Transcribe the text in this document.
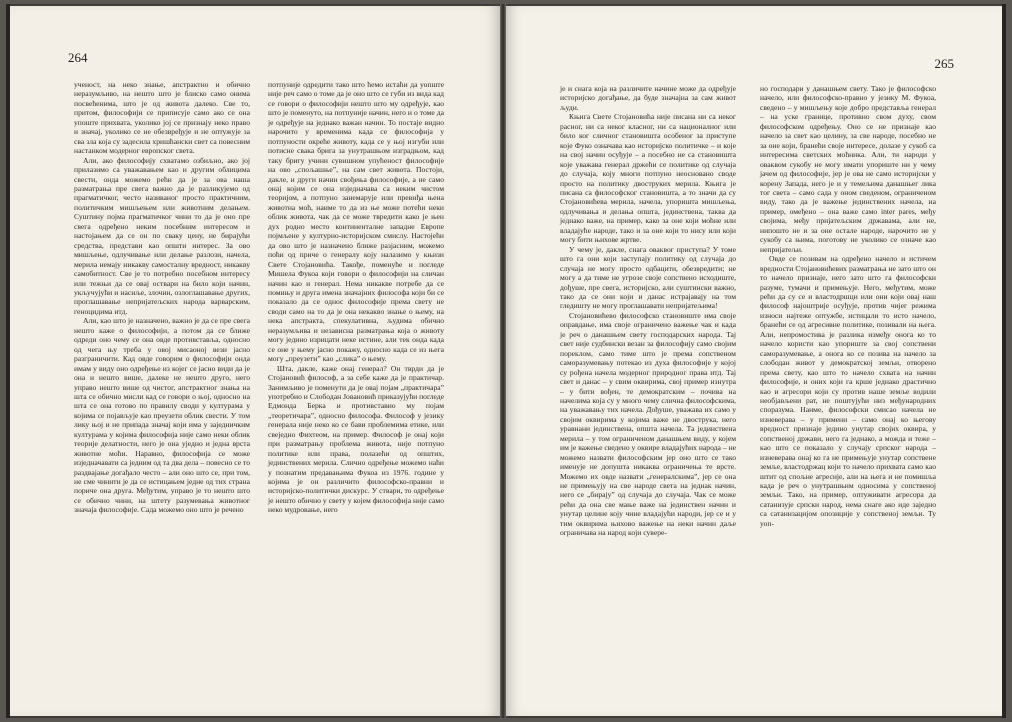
264

ученост, на неко знање, апстрактно и обично неразумљиво, на нешто што је блиско само онима посвећенима, што је од живота далеко. Све то, притом, философији се приписује само ако се она упоште прихвата, уколико јој се признају неко право и значај, уколико се не обезвређује и не оптужује за сва зла која су задесила хришћански свет са повесним настанком модерног европског света.

Али, ако философију схватамо озбиљно, ако јој прилазимо са уважавањем као и другим облицима свести, онда можемо рећи да је за ова наша разматрања пре свега важно да је разликујемо од прагматичког, честo називаног просто практичним, политичким мишљењем или животним делањем. Суштину појма прагматичког чини то да је оно пре свега одређено неким посебним интересом и настојањем да се он по сваку цену, не бирајући средства, представи као општи интерес. За ово мишљење, одлучивање или делање разлози, начела, мерила немају никакву самосталну вредност, никакву самобитност. Све је то потребно посебном интересу или тежњи да се оваj оствари на било који начин, укључујући и насиље, злочин, озлоглашавање других, проглашавање непријатељских народа варварским, геноцидима итд.

Али, као што је назначено, важно је да се пре свега нешто каже о философији, а потом да се ближе одреди оно чему се она овде противставља, односно од чега њу треба у овој мисаоној вези јасно разграничити. Кад овде говорим о философији онда имам у виду оно одређење из којег се јасно види да је она и нешто више, далеке не нешто друго, него управо нешто више од чистог, апстрактног знања на шта се обично мисли кад се говори о њој, односно на шта се она готово по правилу своди у културама у којима се појављује као преузети облик свести. У том лику њој и не припада значај који има у заједничким културама у којима философија није само неки облик теорије делатности, него је она уједно и једна врста животне моћи. Наравно, философија се може изједначавати са једним од та два дела – повесно се то раздвајање догађало често – али оно што се, при том, не сме чинити је да се истицањем једне од тих страна пориче она друга. Међутим, управо је то нешто што се обично чини, на штету разумевања животног значаја философије. Сада можемо оно што је речено

потпуније одредити тако што ћемо истаћи да уопште није реч само о томе да је оно што се губи из вида кад се говори о философији нешто што му одређује, као што је поменуто, на потпуније начин, него и о томе да је одређује на једнако важан начин. То постаје видно нарочито у временима када се философија у потпуности окреће животу, када се у њој изгуби или потисне свака брига за унутрашњом изградњом, кад таку бригу учини сувишном упућеност философије на ово „спољашње”, на сам свет живота. Постоји, дакле, и други начин свођења философије, а не само онај којим се она изједначава са неким чистом теоријом, а потпуно занемарује или превиђа њена животна моћ, наиме то да из ње може потећи неки облик живота, чак да се може твредити како је њен дух родно место континенталне западне Европе појмљене у културно-историјском смислу. Настојећи да ово што је назначено ближе разјасним, можемо поћи од приче о генералу коју налазимо у књизи Свете Стојановића. Такође, поменуће и погледе Мишела Фукоа који говори о философији на сличан начин као и генерал. Нема никакве потребе да се помињу и друга имена значајних философа који би се показало да се однос философије према свету не своди само на то да је она некакво знање о њему, на нека апстракта, спекулативна, људима обично неразумљива и независна разматрања која о животу могу једино изрицати неке истине, али тек онда када се оне у њему јасно покажу, односно када се из њега могу „преузети” као „слика” о њему.

Шта, дакле, каже онај генерал? Он тврди да је Стојановић философ, а за себе каже да је практичар. Занимљиво је поменути да је овај појам „практичара” употребио и Слободан Јовановић приказујући погледе Едмонда Берка и противставио му појам „теоретичара”, односно философа. Философ у језику генерала није неко ко се бави проблемима етике, или свеједно Фихтеом, на пример. Философ је онај који при разматрању проблема живота, није потпуно политике или права, полазећи од општих, јединствених мерила. Слично одређење можемо наћи у познатим предавањима Фукоа из 1976. године у којима је он различито философско-правни и историјско-политички дискурс. У ствари, то одређење је нешто обично у свету у којем философија није само неко мудровање, него

265

је и снага која на различите начине може да одређује историјско догађање, да буде значајна за сам живот људи.

Књига Свете Стојановића није писана ни са неког расног, ни са неког класног, ни са националног или било ког сличног становишта особеног за приступе које Фуко означава као историјско политичке – и које на свој начин осуђује – а посебно не са становишта које уважава генерал држећи се политике од случаја до случаја, коју многи потпуно неосновано своде просто на политику двоструких мерила. Књига је писана са философског становишта, а то значи да су Стојановићева мерила, начела, упоришта мишљења, одлучивања и делања општа, јединствена, таква да једнако важе, на пример, како за оне који моћне или владајуће народе, тако и за оне који то нису или који могу бити њихове жртве.

У чему је, дакле, снага оваквог приступа? У томе што га они који заступају политику од случаја до случаја не могу просто одбацити, обезвредити; не могу а да тиме не угрозе своје сопствено исходиште, дођуше, пре свега, историјско, али суштински важно, тако да се они који и данас истрајавају на том гледишту не могу проглашавати непријатељима!

Стојановићево философско становиште има своје оправдање, има своје ограничено важење чак и када је реч о данашњем свету господарских народа. Тај свет није судбински везан за философију само својим пореклом, само тиме што је према сопственом саморазумевању потекао из духа философије у којој су рођена начела модерног природног права итд. Тај свет и данас – у свим оквирима, свој пример изнутра – у бити вођен, те демократским – почива на начелима која су у много чему слична философскима, на уважавању тих начела. Дођуше, уважава их само у својим оквирима у којима важе не двострука, него уравнани јединствена, општа начела. Та јединствена мерила – у том ограниченом данашњем виду, у којем им је важење сведено у оквире владајућих народа – не можемо назвати философским јер оно што се тако именује не допушта никаква ограничења те врсте. Можемо их овде назвати „генералскима”, јер се она не примењују на све народе света на једнак начин, него се „бирају” од случаја до случаја. Чак се може рећи да она све мање важе на јединствен начин и унутар целине коју чине владајући народи, јер се и у тим оквирима њихово важење на неки начин даље ограничава на народ који суверe-

но господари у данашњем свету. Тако је философско начело, или философско-правно у језику М. Фукоа, сведено – у мишљењу које добро представља генерал – на уске границе, противно свом духу, свом философском одређењу. Оно се не признаје као начело за свет као целину, за све народе, посебно не за оне који, бранећи своје интересе, долазе у сукоб са интересима светских моћника. Али, ти народи у оваквом сукобу не могу имати упориште ни у чему јачем од философије, јер је ова не само историјски у корену Запада, него је и у темељима данашњег лика тог света – само сада у оном сведеном, ограниченом виду, тако да је важење јединствених начела, на пример, омеђено – она важе само inter pares, међу својима, међу пријатељским државама, али не, нипошто не и за оне остале народе, нарочито не у сукобу са њима, поготову не уколико се означе као непријатељи.

Овде се позивам на одређено начело и истичем вредности Стојановићевих разматрања не зато што он то начело признаје, него зато што га философски разуме, тумачи и примењује. Него, међутим, може рећи да су се и властодршци или они који овај наш философ најоштрије осуђује, против чијег режима изнoси најтеже оптужбе, истицали то исто начело, бранећи се од агресивне политике, позивали на њега. Али, непромостива је разлика између онога ко то начело користи као упориште за свој сопствени саморазумевање, а онога ко се позива на начело за слободан живот у демократској земљи, отворено према свету, као што то начело схвата на начин философије, и оних који га крше једнако драстично као и агресори који су против наше земље водили необјављени рат, не поштујући низ међународних споразума. Наиме, философски смисао начела не изневерава – у примени – само онај ко његову вредност признаје једино унутар својих оквира, у сопственој држави, него га једнако, а можда и теже – као што се показало у случају српског народа – изневерава онај ко га не примењује унутар сопствене земље, властодржац који то начело прихвата само као штит од спољне агресије, али на њега и не помишља када је реч о унутрашњим односима у сопственој земљи. Тако, на пример, оптуживати агресора да сатанизује српски народ, нема снаге ако иде заједно са сатанизацијом опозиције у сопственој земљи. Ту уоп-
